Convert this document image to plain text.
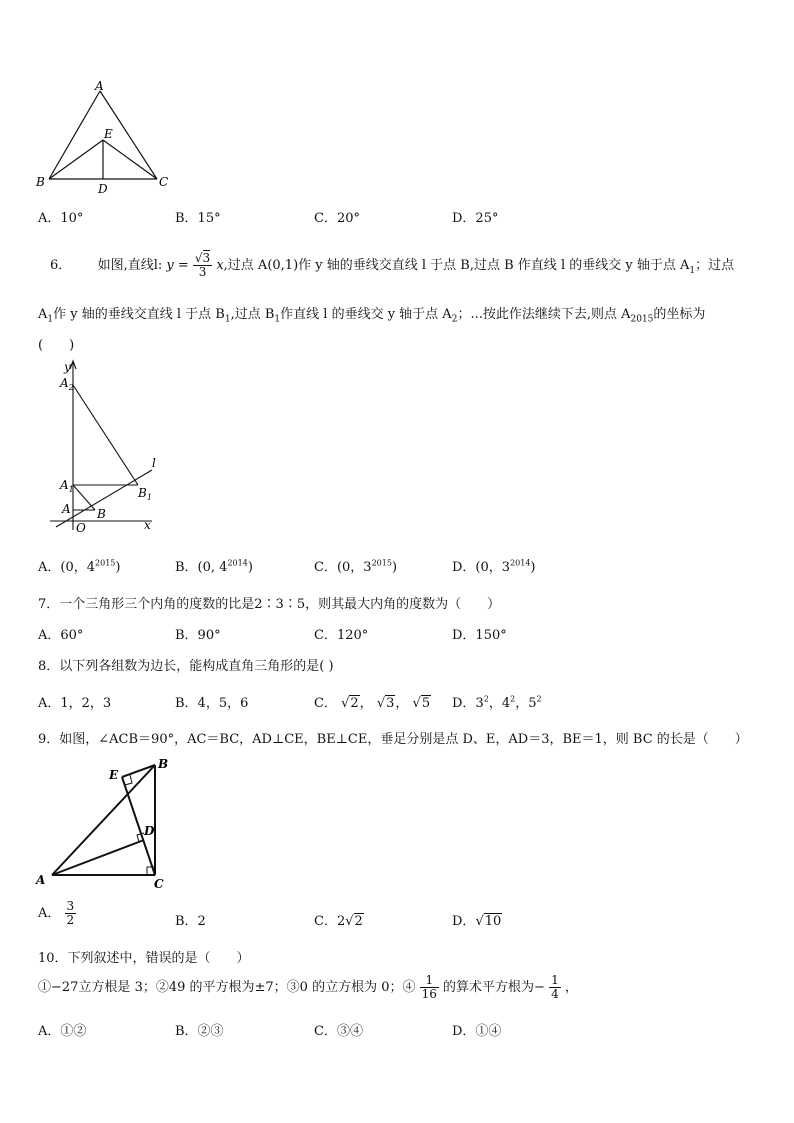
A
E
B	D	C
A．10°	B．15°	C．20°	D．25°
6． 如图,直线l: $y = \frac{√3}{3} x$,过点 A(0,1)作 y 轴的垂线交直线 l 于点 B,过点 B 作直线 l 的垂线交 y 轴于点 $A_1$；过点
$A_1$作 y 轴的垂线交直线 l 于点 $B_1$,过点 $B_1$作直线 l 的垂线交 y 轴于点 $A_2$；...按此作法继续下去,则点 $A_{2015}$的坐标为
(　　)
y
$A_2$
l
$A_1$	$B_1$
A B
O	x
A．(0，$4^{2015}$)	B．(0, $4^{2014}$)	C．(0，$3^{2015}$)	D．(0，$3^{2014}$)
7．一个三角形三个内角的度数的比是2∶3∶5，则其最大内角的度数为（　　）
A．60°	B．90°	C．120°	D．150°
8．以下列各组数为边长，能构成直角三角形的是( )
A．1，2，3	B．4，5，6	C． √2， √3， √5 D．$3^2$，$4^2$，$5^2$
9．如图，∠ACB＝90°，AC＝BC，AD⊥CE，BE⊥CE，垂足分别是点 D、E，AD＝3，BE＝1，则 BC 的长是（　　）
E
B
D
A	C
A． $\frac{3}{2}$	B．2	C．2√2	D．√10
10．下列叙述中，错误的是（　　）
①−27立方根是 3；②49 的平方根为±7；③0 的立方根为 0；④ $\frac{1}{16}$ 的算术平方根为− $\frac{1}{4}$ ，
A．①②	B．②③	C．③④	D．①④
